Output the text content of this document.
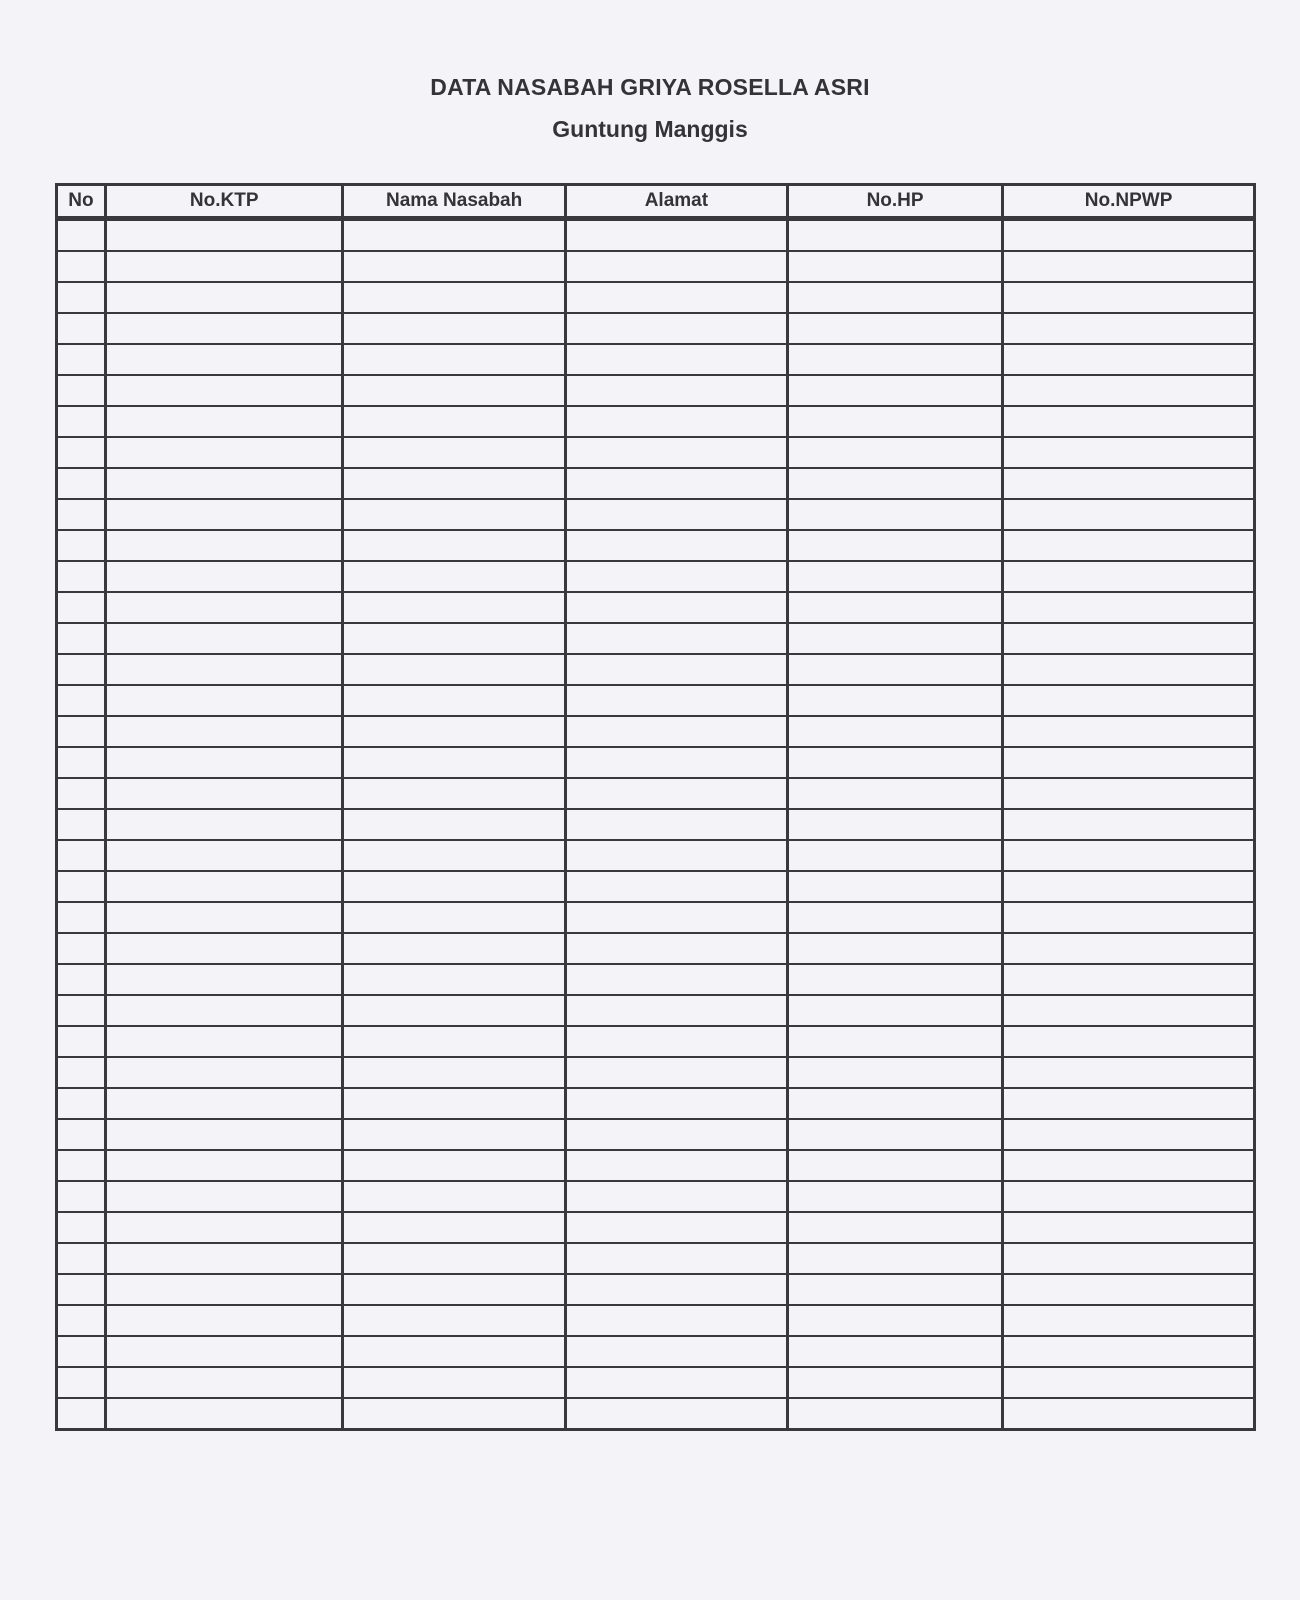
DATA NASABAH GRIYA ROSELLA ASRI
Guntung Manggis
No	No.KTP	Nama Nasabah	Alamat	No.HP	No.NPWP
